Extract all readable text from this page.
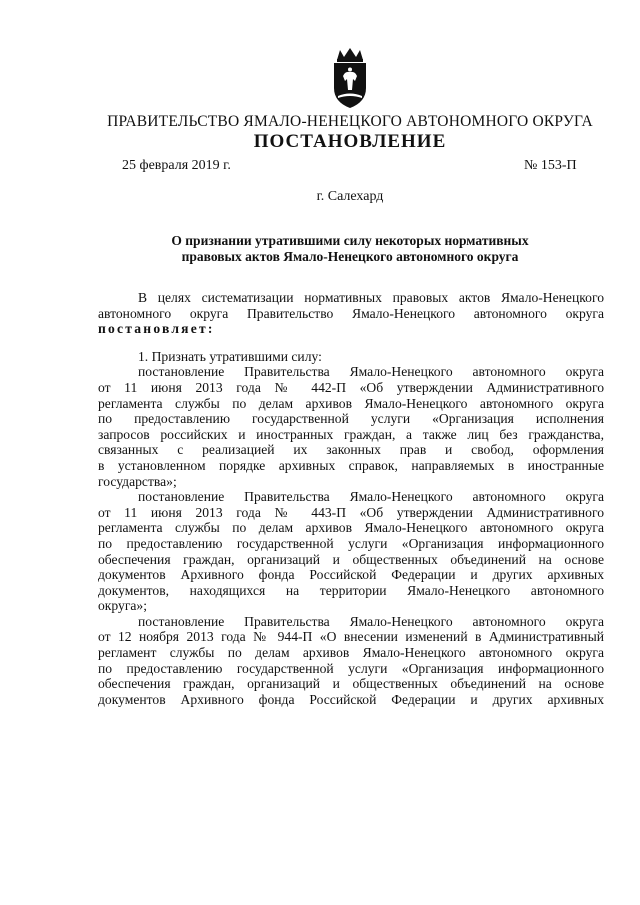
ПРАВИТЕЛЬСТВО ЯМАЛО-НЕНЕЦКОГО АВТОНОМНОГО ОКРУГА
ПОСТАНОВЛЕНИЕ
25 февраля 2019 г.	№ 153-П
г. Салехард
О признании утратившими силу некоторых нормативных
правовых актов Ямало-Ненецкого автономного округа
В целях систематизации нормативных правовых актов Ямало-Ненецкого
автономного округа Правительство Ямало-Ненецкого автономного округа
постановляет:
1. Признать утратившими силу:
постановление Правительства Ямало-Ненецкого автономного округа
от 11 июня 2013 года № 442-П «Об утверждении Административного
регламента службы по делам архивов Ямало-Ненецкого автономного округа
по предоставлению государственной услуги «Организация исполнения
запросов российских и иностранных граждан, а также лиц без гражданства,
связанных с реализацией их законных прав и свобод, оформления
в установленном порядке архивных справок, направляемых в иностранные
государства»;
постановление Правительства Ямало-Ненецкого автономного округа
от 11 июня 2013 года № 443-П «Об утверждении Административного
регламента службы по делам архивов Ямало-Ненецкого автономного округа
по предоставлению государственной услуги «Организация информационного
обеспечения граждан, организаций и общественных объединений на основе
документов Архивного фонда Российской Федерации и других архивных
документов, находящихся на территории Ямало-Ненецкого автономного
округа»;
постановление Правительства Ямало-Ненецкого автономного округа
от 12 ноября 2013 года № 944-П «О внесении изменений в Административный
регламент службы по делам архивов Ямало-Ненецкого автономного округа
по предоставлению государственной услуги «Организация информационного
обеспечения граждан, организаций и общественных объединений на основе
документов Архивного фонда Российской Федерации и других архивных
